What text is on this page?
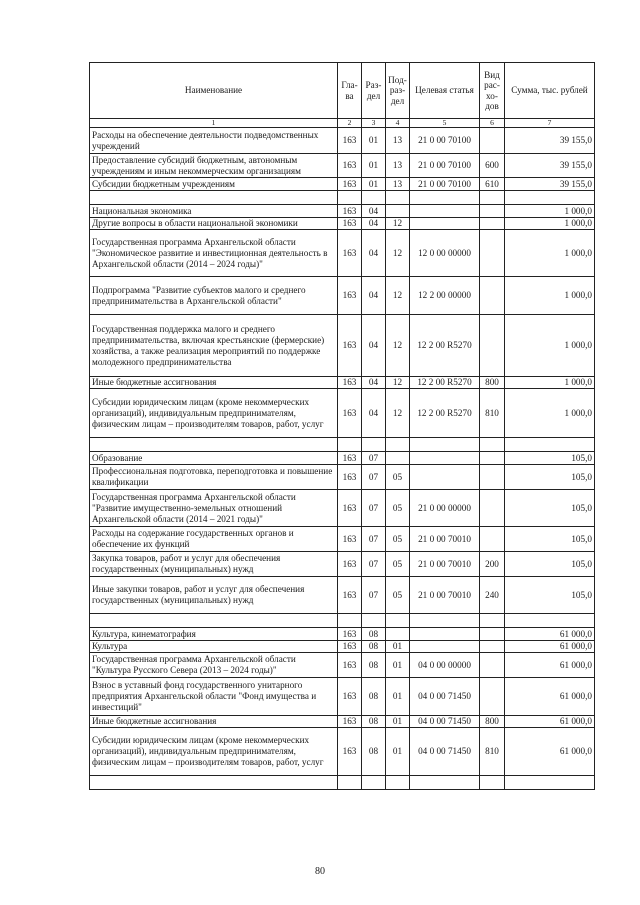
Наименование	Гла-ва	Раз-дел	Под-раз-дел	Целевая статья	Вид рас-хо-дов	Сумма, тыс. рублей
1	2	3	4	5	6	7
Расходы на обеспечение деятельности подведомственных учреждений	163	01	13	21 0 00 70100		39 155,0
Предоставление субсидий бюджетным, автономным учреждениям и иным некоммерческим организациям	163	01	13	21 0 00 70100	600	39 155,0
Субсидии бюджетным учреждениям	163	01	13	21 0 00 70100	610	39 155,0

Национальная экономика	163	04				1 000,0
Другие вопросы в области национальной экономики	163	04	12			1 000,0
Государственная программа Архангельской области "Экономическое развитие и инвестиционная деятельность в Архангельской области (2014 – 2024 годы)"	163	04	12	12 0 00 00000		1 000,0
Подпрограмма "Развитие субъектов малого и среднего предпринимательства в Архангельской области"	163	04	12	12 2 00 00000		1 000,0
Государственная поддержка малого и среднего предпринимательства, включая крестьянские (фермерские) хозяйства, а также реализация мероприятий по поддержке молодежного предпринимательства	163	04	12	12 2 00 R5270		1 000,0
Иные бюджетные ассигнования	163	04	12	12 2 00 R5270	800	1 000,0
Субсидии юридическим лицам (кроме некоммерческих организаций), индивидуальным предпринимателям, физическим лицам – производителям товаров, работ, услуг	163	04	12	12 2 00 R5270	810	1 000,0

Образование	163	07				105,0
Профессиональная подготовка, переподготовка и повышение квалификации	163	07	05			105,0
Государственная программа Архангельской области "Развитие имущественно-земельных отношений Архангельской области (2014 – 2021 годы)"	163	07	05	21 0 00 00000		105,0
Расходы на содержание государственных органов и обеспечение их функций	163	07	05	21 0 00 70010		105,0
Закупка товаров, работ и услуг для обеспечения государственных (муниципальных) нужд	163	07	05	21 0 00 70010	200	105,0
Иные закупки товаров, работ и услуг для обеспечения государственных (муниципальных) нужд	163	07	05	21 0 00 70010	240	105,0

Культура, кинематография	163	08				61 000,0
Культура	163	08	01			61 000,0
Государственная программа Архангельской области "Культура Русского Севера (2013 – 2024 годы)"	163	08	01	04 0 00 00000		61 000,0
Взнос в уставный фонд государственного унитарного предприятия Архангельской области "Фонд имущества и инвестиций"	163	08	01	04 0 00 71450		61 000,0
Иные бюджетные ассигнования	163	08	01	04 0 00 71450	800	61 000,0
Субсидии юридическим лицам (кроме некоммерческих организаций), индивидуальным предпринимателям, физическим лицам – производителям товаров, работ, услуг	163	08	01	04 0 00 71450	810	61 000,0

80
